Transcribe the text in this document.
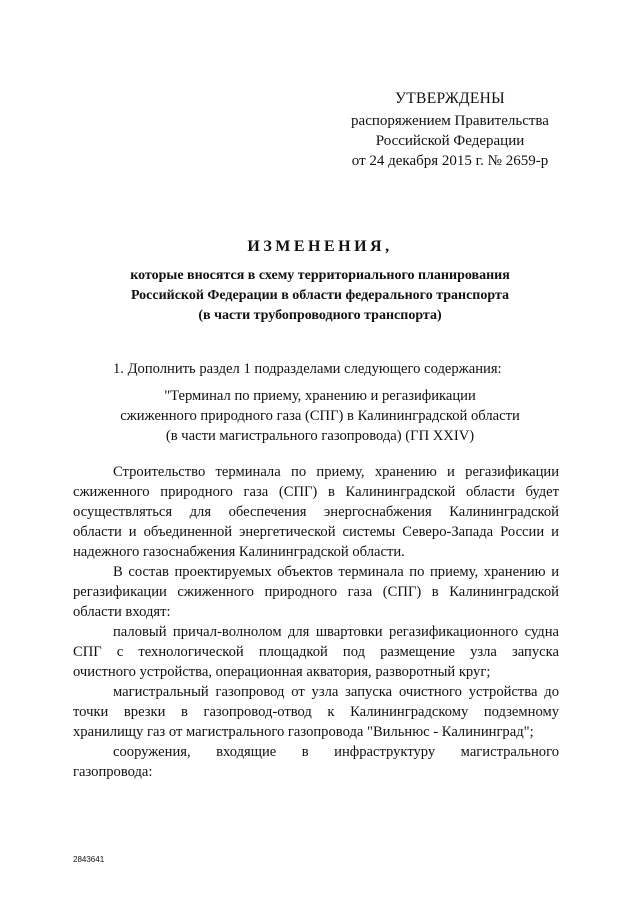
УТВЕРЖДЕНЫ
распоряжением Правительства
Российской Федерации
от 24 декабря 2015 г. № 2659-р
ИЗМЕНЕНИЯ,
которые вносятся в схему территориального планирования
Российской Федерации в области федерального транспорта
(в части трубопроводного транспорта)
1. Дополнить раздел 1 подразделами следующего содержания:
"Терминал по приему, хранению и регазификации
сжиженного природного газа (СПГ) в Калининградской области
(в части магистрального газопровода) (ГП XXIV)
Строительство терминала по приему, хранению и регазификации
сжиженного природного газа (СПГ) в Калининградской области будет
осуществляться для обеспечения энергоснабжения Калининградской
области и объединенной энергетической системы Северо-Запада России и
надежного газоснабжения Калининградской области.
В состав проектируемых объектов терминала по приему, хранению и
регазификации сжиженного природного газа (СПГ) в Калининградской
области входят:
паловый причал-волнолом для швартовки регазификационного судна
СПГ с технологической площадкой под размещение узла запуска
очистного устройства, операционная акватория, разворотный круг;
магистральный газопровод от узла запуска очистного устройства до
точки врезки в газопровод-отвод к Калининградскому подземному
хранилищу газ от магистрального газопровода "Вильнюс - Калининград";
сооружения, входящие в инфраструктуру магистрального
газопровода:
2843641
